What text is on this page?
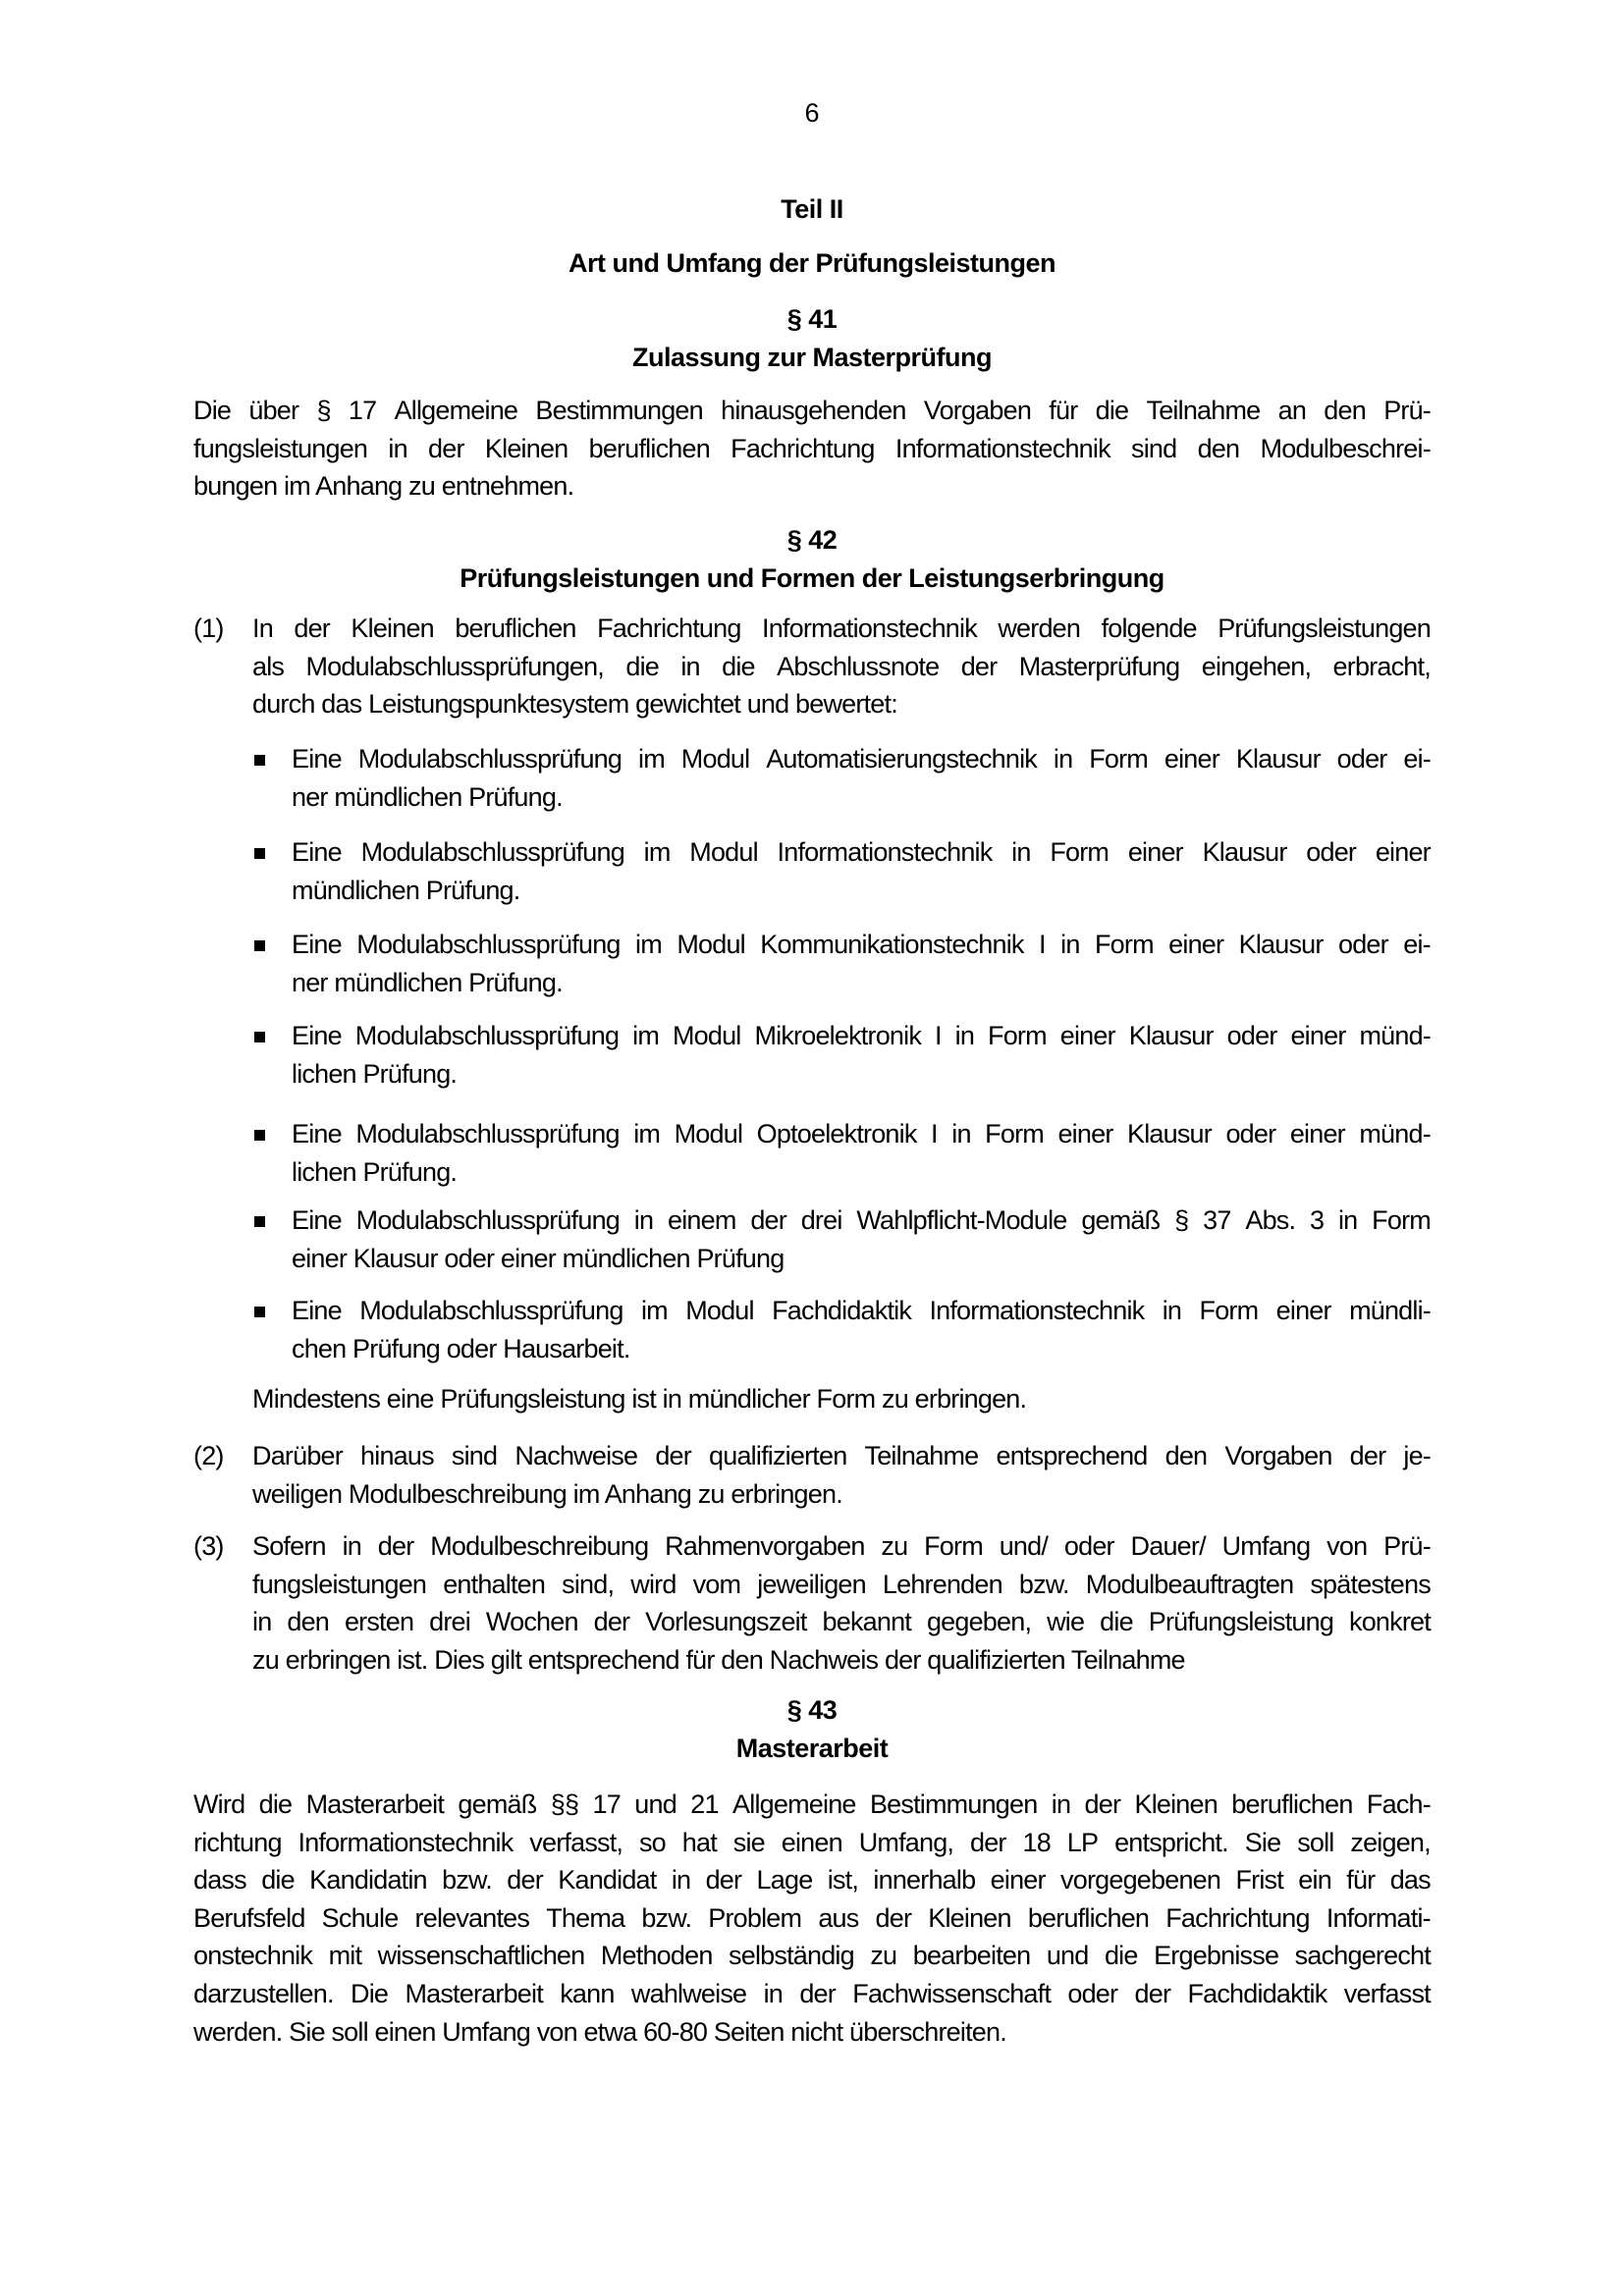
6
Teil II
Art und Umfang der Prüfungsleistungen
§ 41
Zulassung zur Masterprüfung
Die über § 17 Allgemeine Bestimmungen hinausgehenden Vorgaben für die Teilnahme an den Prü-
fungsleistungen in der Kleinen beruflichen Fachrichtung Informationstechnik sind den Modulbeschrei-
bungen im Anhang zu entnehmen.
§ 42
Prüfungsleistungen und Formen der Leistungserbringung
(1)	In der Kleinen beruflichen Fachrichtung Informationstechnik werden folgende Prüfungsleistungen
als Modulabschlussprüfungen, die in die Abschlussnote der Masterprüfung eingehen, erbracht,
durch das Leistungspunktesystem gewichtet und bewertet:
Eine Modulabschlussprüfung im Modul Automatisierungstechnik in Form einer Klausur oder ei-
ner mündlichen Prüfung.
Eine Modulabschlussprüfung im Modul Informationstechnik in Form einer Klausur oder einer
mündlichen Prüfung.
Eine Modulabschlussprüfung im Modul Kommunikationstechnik I in Form einer Klausur oder ei-
ner mündlichen Prüfung.
Eine Modulabschlussprüfung im Modul Mikroelektronik I in Form einer Klausur oder einer münd-
lichen Prüfung.
Eine Modulabschlussprüfung im Modul Optoelektronik I in Form einer Klausur oder einer münd-
lichen Prüfung.
Eine Modulabschlussprüfung in einem der drei Wahlpflicht-Module gemäß § 37 Abs. 3 in Form
einer Klausur oder einer mündlichen Prüfung
Eine Modulabschlussprüfung im Modul Fachdidaktik Informationstechnik in Form einer mündli-
chen Prüfung oder Hausarbeit.
Mindestens eine Prüfungsleistung ist in mündlicher Form zu erbringen.
(2)	Darüber hinaus sind Nachweise der qualifizierten Teilnahme entsprechend den Vorgaben der je-
weiligen Modulbeschreibung im Anhang zu erbringen.
(3)	Sofern in der Modulbeschreibung Rahmenvorgaben zu Form und/ oder Dauer/ Umfang von Prü-
fungsleistungen enthalten sind, wird vom jeweiligen Lehrenden bzw. Modulbeauftragten spätestens
in den ersten drei Wochen der Vorlesungszeit bekannt gegeben, wie die Prüfungsleistung konkret
zu erbringen ist. Dies gilt entsprechend für den Nachweis der qualifizierten Teilnahme
§ 43
Masterarbeit
Wird die Masterarbeit gemäß §§ 17 und 21 Allgemeine Bestimmungen in der Kleinen beruflichen Fach-
richtung Informationstechnik verfasst, so hat sie einen Umfang, der 18 LP entspricht. Sie soll zeigen,
dass die Kandidatin bzw. der Kandidat in der Lage ist, innerhalb einer vorgegebenen Frist ein für das
Berufsfeld Schule relevantes Thema bzw. Problem aus der Kleinen beruflichen Fachrichtung Informati-
onstechnik mit wissenschaftlichen Methoden selbständig zu bearbeiten und die Ergebnisse sachgerecht
darzustellen. Die Masterarbeit kann wahlweise in der Fachwissenschaft oder der Fachdidaktik verfasst
werden. Sie soll einen Umfang von etwa 60-80 Seiten nicht überschreiten.
